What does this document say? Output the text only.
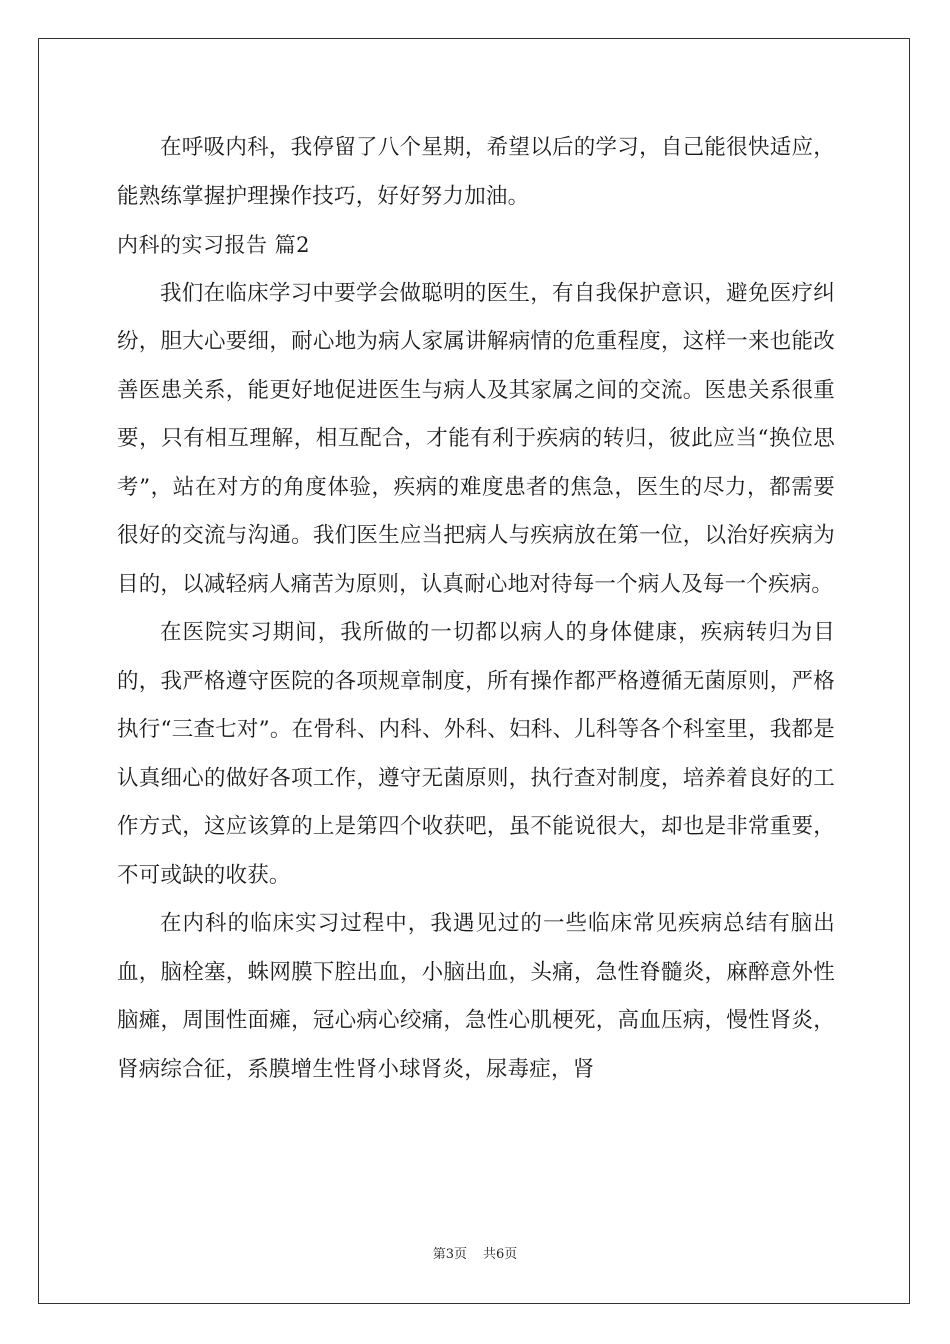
在呼吸内科，我停留了八个星期，希望以后的学习，自己能很快适应，能熟练掌握护理操作技巧，好好努力加油。

内科的实习报告 篇2

我们在临床学习中要学会做聪明的医生，有自我保护意识，避免医疗纠纷，胆大心要细，耐心地为病人家属讲解病情的危重程度，这样一来也能改善医患关系，能更好地促进医生与病人及其家属之间的交流。医患关系很重要，只有相互理解，相互配合，才能有利于疾病的转归，彼此应当“换位思考”，站在对方的角度体验，疾病的难度患者的焦急，医生的尽力，都需要很好的交流与沟通。我们医生应当把病人与疾病放在第一位，以治好疾病为目的，以减轻病人痛苦为原则，认真耐心地对待每一个病人及每一个疾病。

在医院实习期间，我所做的一切都以病人的身体健康，疾病转归为目的，我严格遵守医院的各项规章制度，所有操作都严格遵循无菌原则，严格执行“三查七对”。在骨科、内科、外科、妇科、儿科等各个科室里，我都是认真细心的做好各项工作，遵守无菌原则，执行查对制度，培养着良好的工作方式，这应该算的上是第四个收获吧，虽不能说很大，却也是非常重要，不可或缺的收获。

在内科的临床实习过程中，我遇见过的一些临床常见疾病总结有脑出血，脑栓塞，蛛网膜下腔出血，小脑出血，头痛，急性脊髓炎，麻醉意外性脑瘫，周围性面瘫，冠心病心绞痛，急性心肌梗死，高血压病，慢性肾炎，肾病综合征，系膜增生性肾小球肾炎，尿毒症，肾

第3页 共6页
